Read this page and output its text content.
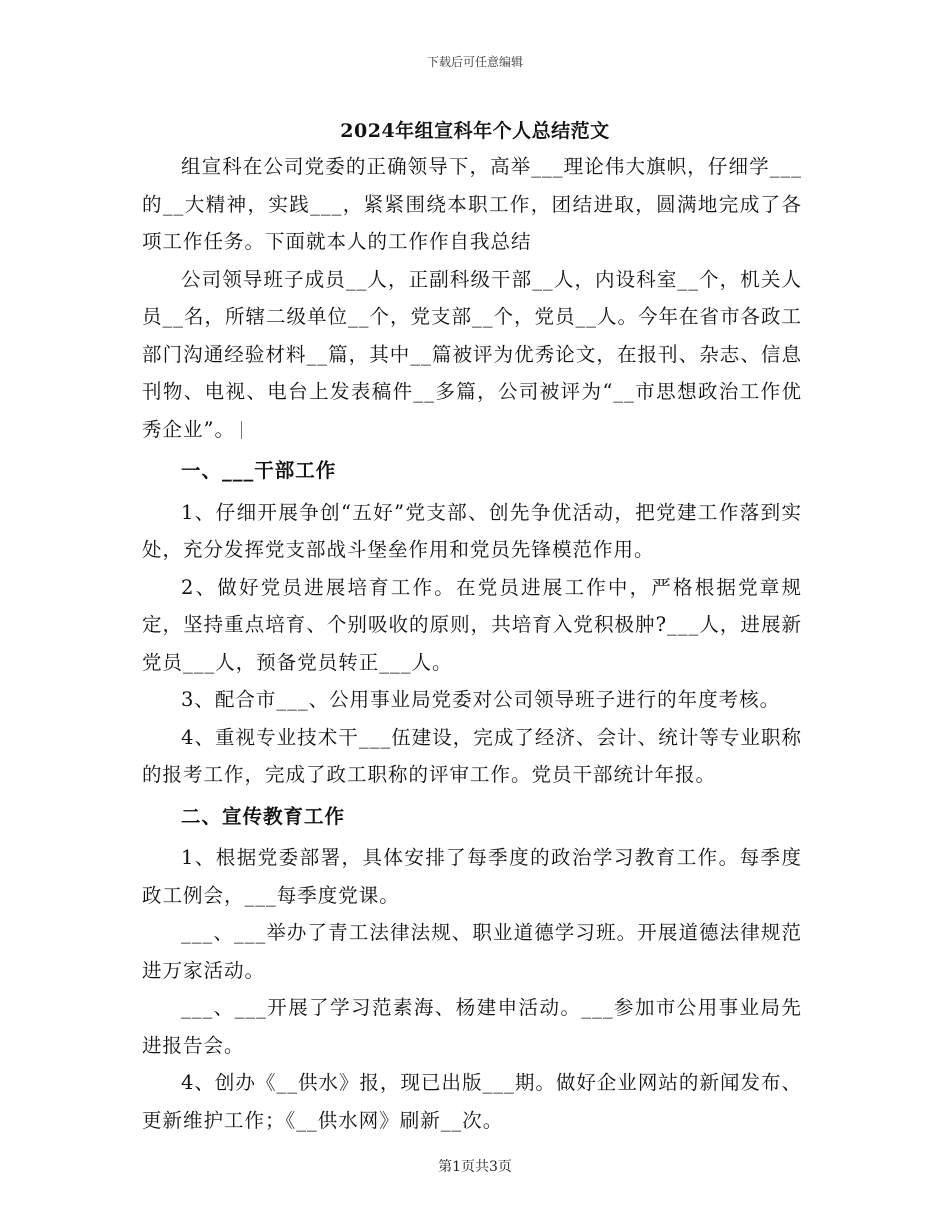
下载后可任意编辑
2024年组宣科年个人总结范文

组宣科在公司党委的正确领导下，高举___理论伟大旗帜，仔细学___的__大精神，实践___，紧紧围绕本职工作，团结进取，圆满地完成了各项工作任务。下面就本人的工作作自我总结

公司领导班子成员__人，正副科级干部__人，内设科室__个，机关人员__名，所辖二级单位__个，党支部__个，党员__人。今年在省市各政工部门沟通经验材料__篇，其中__篇被评为优秀论文，在报刊、杂志、信息刊物、电视、电台上发表稿件__多篇，公司被评为“__市思想政治工作优秀企业”。

一、___干部工作

1、仔细开展争创“五好”党支部、创先争优活动，把党建工作落到实处，充分发挥党支部战斗堡垒作用和党员先锋模范作用。

2、做好党员进展培育工作。在党员进展工作中，严格根据党章规定，坚持重点培育、个别吸收的原则，共培育入党积极肿?___人，进展新党员___人，预备党员转正___人。

3、配合市___、公用事业局党委对公司领导班子进行的年度考核。

4、重视专业技术干___伍建设，完成了经济、会计、统计等专业职称的报考工作，完成了政工职称的评审工作。党员干部统计年报。

二、宣传教育工作

1、根据党委部署，具体安排了每季度的政治学习教育工作。每季度政工例会，___每季度党课。

___、___举办了青工法律法规、职业道德学习班。开展道德法律规范进万家活动。

___、___开展了学习范素海、杨建申活动。___参加市公用事业局先进报告会。

4、创办《__供水》报，现已出版___期。做好企业网站的新闻发布、更新维护工作；《__供水网》刷新__次。

第1页共3页
